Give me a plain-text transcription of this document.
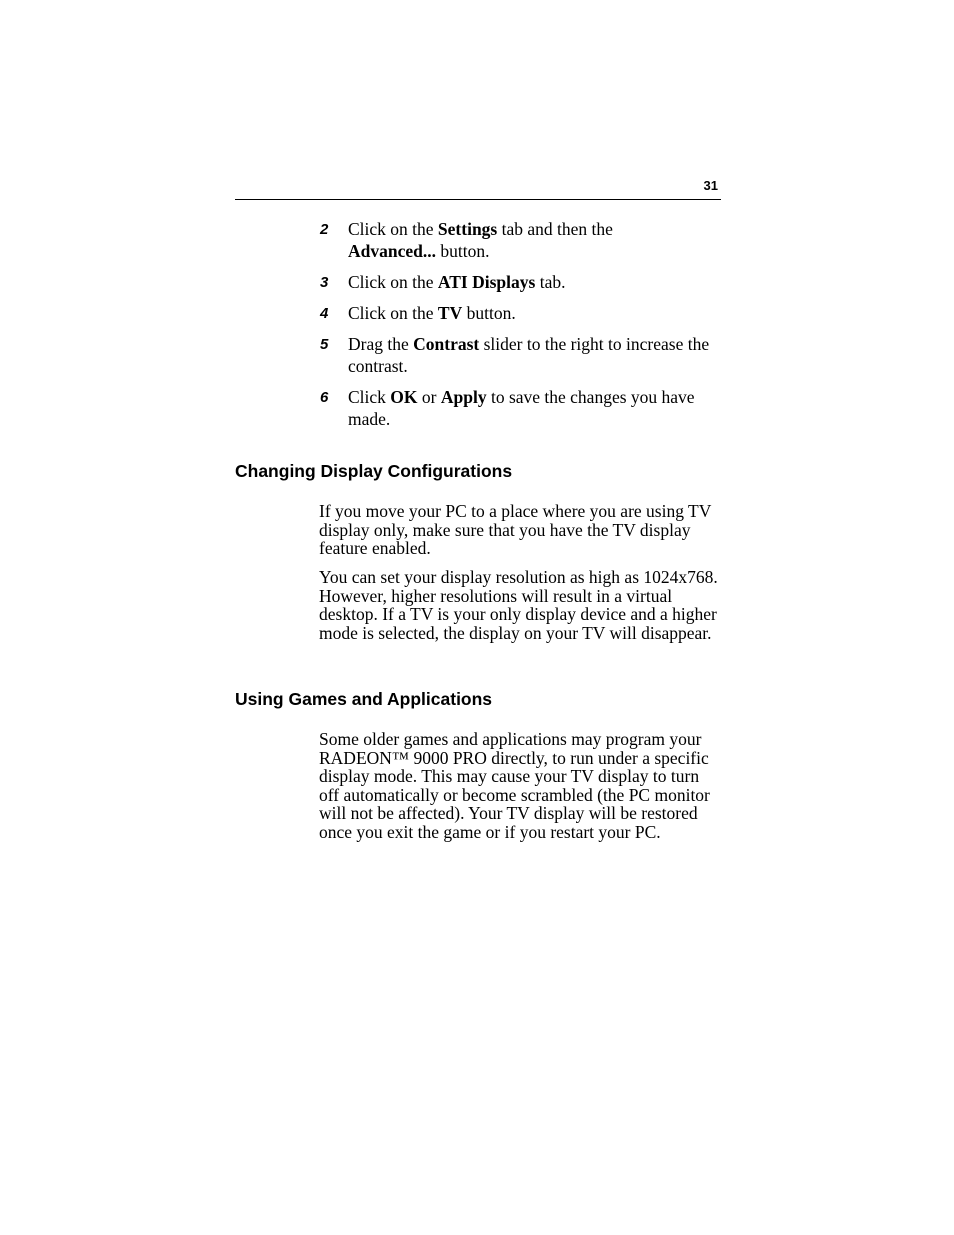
31
2 Click on the Settings tab and then the
Advanced... button.
3 Click on the ATI Displays tab.
4 Click on the TV button.
5 Drag the Contrast slider to the right to increase the contrast.
6 Click OK or Apply to save the changes you have made.
Changing Display Configurations

If you move your PC to a place where you are using TV display only, make sure that you have the TV display feature enabled.

You can set your display resolution as high as 1024x768. However, higher resolutions will result in a virtual desktop. If a TV is your only display device and a higher mode is selected, the display on your TV will disappear.

Using Games and Applications

Some older games and applications may program your RADEON™ 9000 PRO directly, to run under a specific display mode. This may cause your TV display to turn off automatically or become scrambled (the PC monitor will not be affected). Your TV display will be restored once you exit the game or if you restart your PC.
